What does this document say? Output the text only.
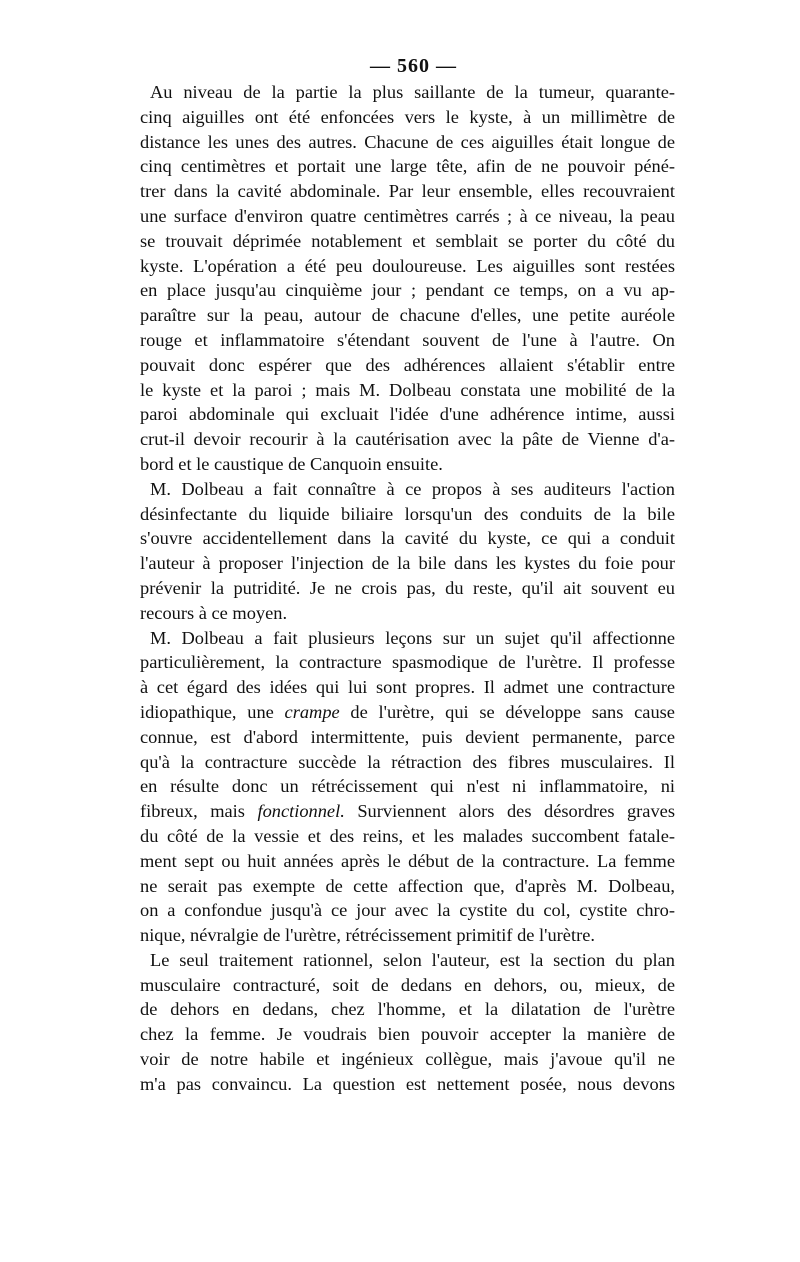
— 560 —

Au niveau de la partie la plus saillante de la tumeur, quarante-
cinq aiguilles ont été enfoncées vers le kyste, à un millimètre de
distance les unes des autres. Chacune de ces aiguilles était longue de
cinq centimètres et portait une large tête, afin de ne pouvoir péné-
trer dans la cavité abdominale. Par leur ensemble, elles recouvraient
une surface d'environ quatre centimètres carrés ; à ce niveau, la peau
se trouvait déprimée notablement et semblait se porter du côté du
kyste. L'opération a été peu douloureuse. Les aiguilles sont restées
en place jusqu'au cinquième jour ; pendant ce temps, on a vu ap-
paraître sur la peau, autour de chacune d'elles, une petite auréole
rouge et inflammatoire s'étendant souvent de l'une à l'autre. On
pouvait donc espérer que des adhérences allaient s'établir entre
le kyste et la paroi ; mais M. Dolbeau constata une mobilité de la
paroi abdominale qui excluait l'idée d'une adhérence intime, aussi
crut-il devoir recourir à la cautérisation avec la pâte de Vienne d'a-
bord et le caustique de Canquoin ensuite.

M. Dolbeau a fait connaître à ce propos à ses auditeurs l'action
désinfectante du liquide biliaire lorsqu'un des conduits de la bile
s'ouvre accidentellement dans la cavité du kyste, ce qui a conduit
l'auteur à proposer l'injection de la bile dans les kystes du foie pour
prévenir la putridité. Je ne crois pas, du reste, qu'il ait souvent eu
recours à ce moyen.

M. Dolbeau a fait plusieurs leçons sur un sujet qu'il affectionne
particulièrement, la contracture spasmodique de l'urètre. Il professe
à cet égard des idées qui lui sont propres. Il admet une contracture
idiopathique, une crampe de l'urètre, qui se développe sans cause
connue, est d'abord intermittente, puis devient permanente, parce
qu'à la contracture succède la rétraction des fibres musculaires. Il
en résulte donc un rétrécissement qui n'est ni inflammatoire, ni
fibreux, mais fonctionnel. Surviennent alors des désordres graves
du côté de la vessie et des reins, et les malades succombent fatale-
ment sept ou huit années après le début de la contracture. La femme
ne serait pas exempte de cette affection que, d'après M. Dolbeau,
on a confondue jusqu'à ce jour avec la cystite du col, cystite chro-
nique, névralgie de l'urètre, rétrécissement primitif de l'urètre.

Le seul traitement rationnel, selon l'auteur, est la section du plan
musculaire contracturé, soit de dedans en dehors, ou, mieux, de
de dehors en dedans, chez l'homme, et la dilatation de l'urètre
chez la femme. Je voudrais bien pouvoir accepter la manière de
voir de notre habile et ingénieux collègue, mais j'avoue qu'il ne
m'a pas convaincu. La question est nettement posée, nous devons
